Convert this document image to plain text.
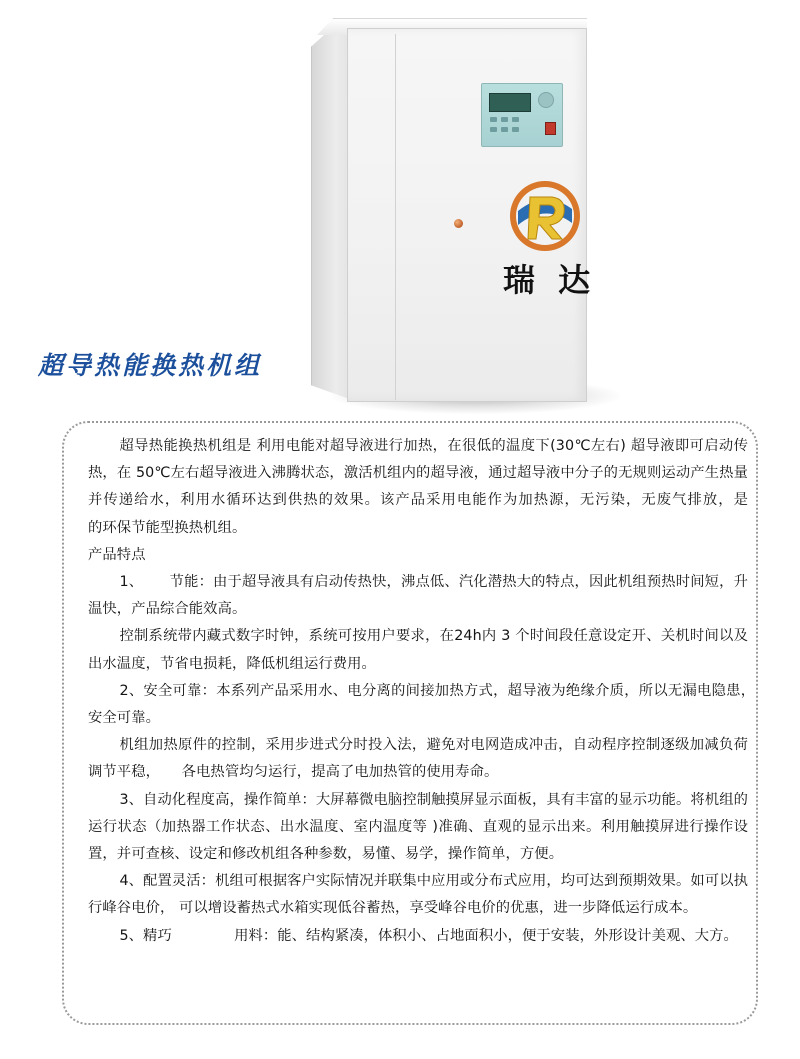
瑞 达
超导热能换热机组

超导热能换热机组是 利用电能对超导液进行加热，在很低的温度下(30℃左右) 超导液即可启动传热，在 50℃左右超导液进入沸腾状态，激活机组内的超导液，通过超导液中分子的无规则运动产生热量并传递给水，利用水循环达到供热的效果。该产品采用电能作为加热源，无污染，无废气排放，是　　的环保节能型换热机组。

产品特点

1、　　 节能：由于超导液具有启动传热快，沸点低、汽化潜热大的特点，因此机组预热时间短，升温快，产品综合能效高。

控制系统带内藏式数字时钟，系统可按用户要求，在24h内 3 个时间段任意设定开、关机时间以及出水温度，节省电损耗，降低机组运行费用。

2、安全可靠：本系列产品采用水、电分离的间接加热方式，超导液为绝缘介质，所以无漏电隐患，　 安全可靠。

机组加热原件的控制，采用步进式分时投入法，避免对电网造成冲击，自动程序控制逐级加减负荷调节平稳，　　各电热管均匀运行，提高了电加热管的使用寿命。

3、自动化程度高，操作简单：大屏幕微电脑控制触摸屏显示面板，具有丰富的显示功能。将机组的运行状态（加热器工作状态、出水温度、室内温度等 )准确、直观的显示出来。利用触摸屏进行操作设置，并可查核、设定和修改机组各种参数，易懂、易学，操作简单，方便。

4、配置灵活：机组可根据客户实际情况并联集中应用或分布式应用，均可达到预期效果。如可以执行峰谷电价， 可以增设蓄热式水箱实现低谷蓄热，享受峰谷电价的优惠，进一步降低运行成本。

5、精巧　　　　 用料：能、结构紧凑，体积小、占地面积小，便于安装，外形设计美观、大方。
